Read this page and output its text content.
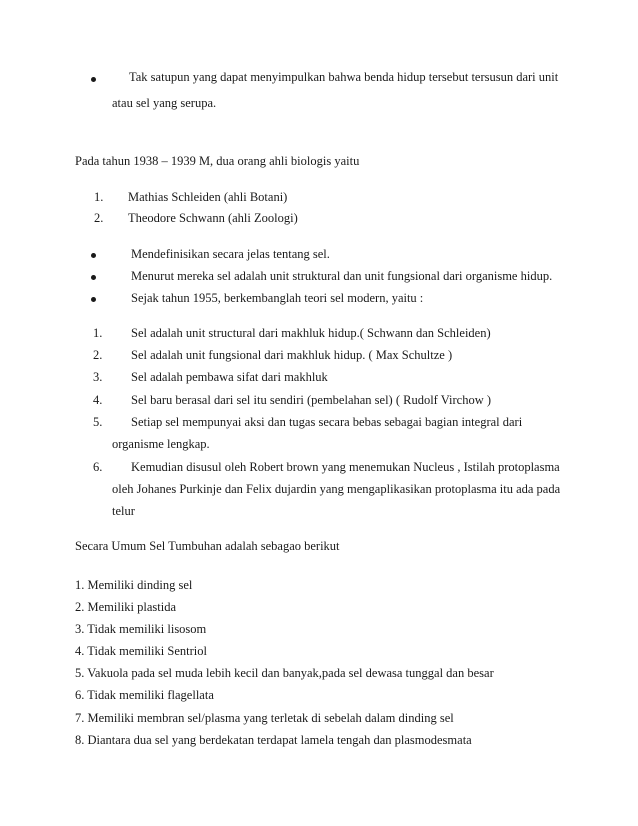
Tak satupun yang dapat menyimpulkan bahwa benda hidup tersebut tersusun dari unit
atau sel yang serupa.
Pada tahun 1938 – 1939 M, dua orang ahli biologis yaitu
1. Mathias Schleiden (ahli Botani)
2. Theodore Schwann (ahli Zoologi)
Mendefinisikan secara jelas tentang sel.
Menurut mereka sel adalah unit struktural dan unit fungsional dari organisme hidup.
Sejak tahun 1955, berkembanglah teori sel modern, yaitu :
1. Sel adalah unit structural dari makhluk hidup.( Schwann dan Schleiden)
2. Sel adalah unit fungsional dari makhluk hidup. ( Max Schultze )
3. Sel adalah pembawa sifat dari makhluk
4. Sel baru berasal dari sel itu sendiri (pembelahan sel) ( Rudolf Virchow )
5. Setiap sel mempunyai aksi dan tugas secara bebas sebagai bagian integral dari
organisme lengkap.
6. Kemudian disusul oleh Robert brown yang menemukan Nucleus , Istilah protoplasma
oleh Johanes Purkinje dan Felix dujardin yang mengaplikasikan protoplasma itu ada pada
telur
Secara Umum Sel Tumbuhan adalah sebagao berikut
1. Memiliki dinding sel
2. Memiliki plastida
3. Tidak memiliki lisosom
4. Tidak memiliki Sentriol
5. Vakuola pada sel muda lebih kecil dan banyak,pada sel dewasa tunggal dan besar
6. Tidak memiliki flagellata
7. Memiliki membran sel/plasma yang terletak di sebelah dalam dinding sel
8. Diantara dua sel yang berdekatan terdapat lamela tengah dan plasmodesmata
